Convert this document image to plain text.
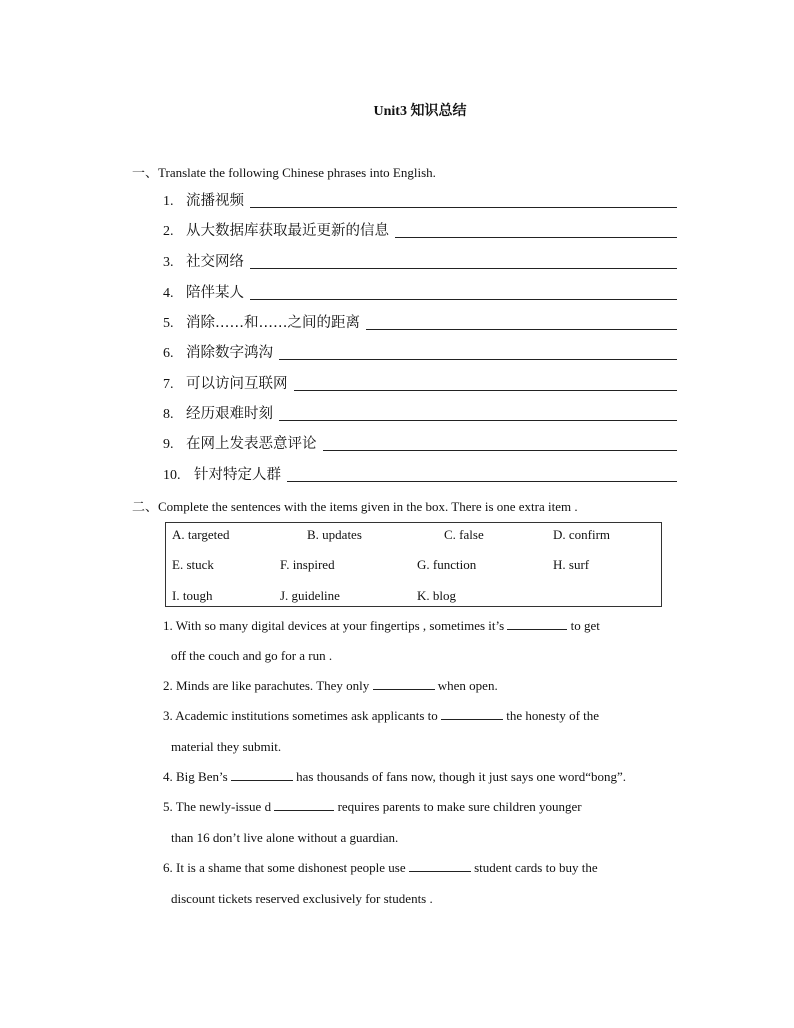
Unit3 知识总结
一、Translate the following Chinese phrases into English.
1. 流播视频
2. 从大数据库获取最近更新的信息
3. 社交网络
4. 陪伴某人
5. 消除……和……之间的距离
6. 消除数字鸿沟
7. 可以访问互联网
8. 经历艰难时刻
9. 在网上发表恶意评论
10. 针对特定人群
二、Complete the sentences with the items given in the box. There is one extra item .
A. targeted	B. updates	C. false	D. confirm
E. stuck	F. inspired	G. function	H. surf
I. tough	J. guideline	K. blog
1. With so many digital devices at your fingertips , sometimes it’s	to get
off the couch and go for a run .
2. Minds are like parachutes. They only	when open.
3. Academic institutions sometimes ask applicants to	the honesty of the
material they submit.
4. Big Ben’s	has thousands of fans now, though it just says one word“bong”.
5. The newly-issue d	requires parents to make sure children younger
than 16 don’t live alone without a guardian.
6. It is a shame that some dishonest people use	student cards to buy the
discount tickets reserved exclusively for students .
